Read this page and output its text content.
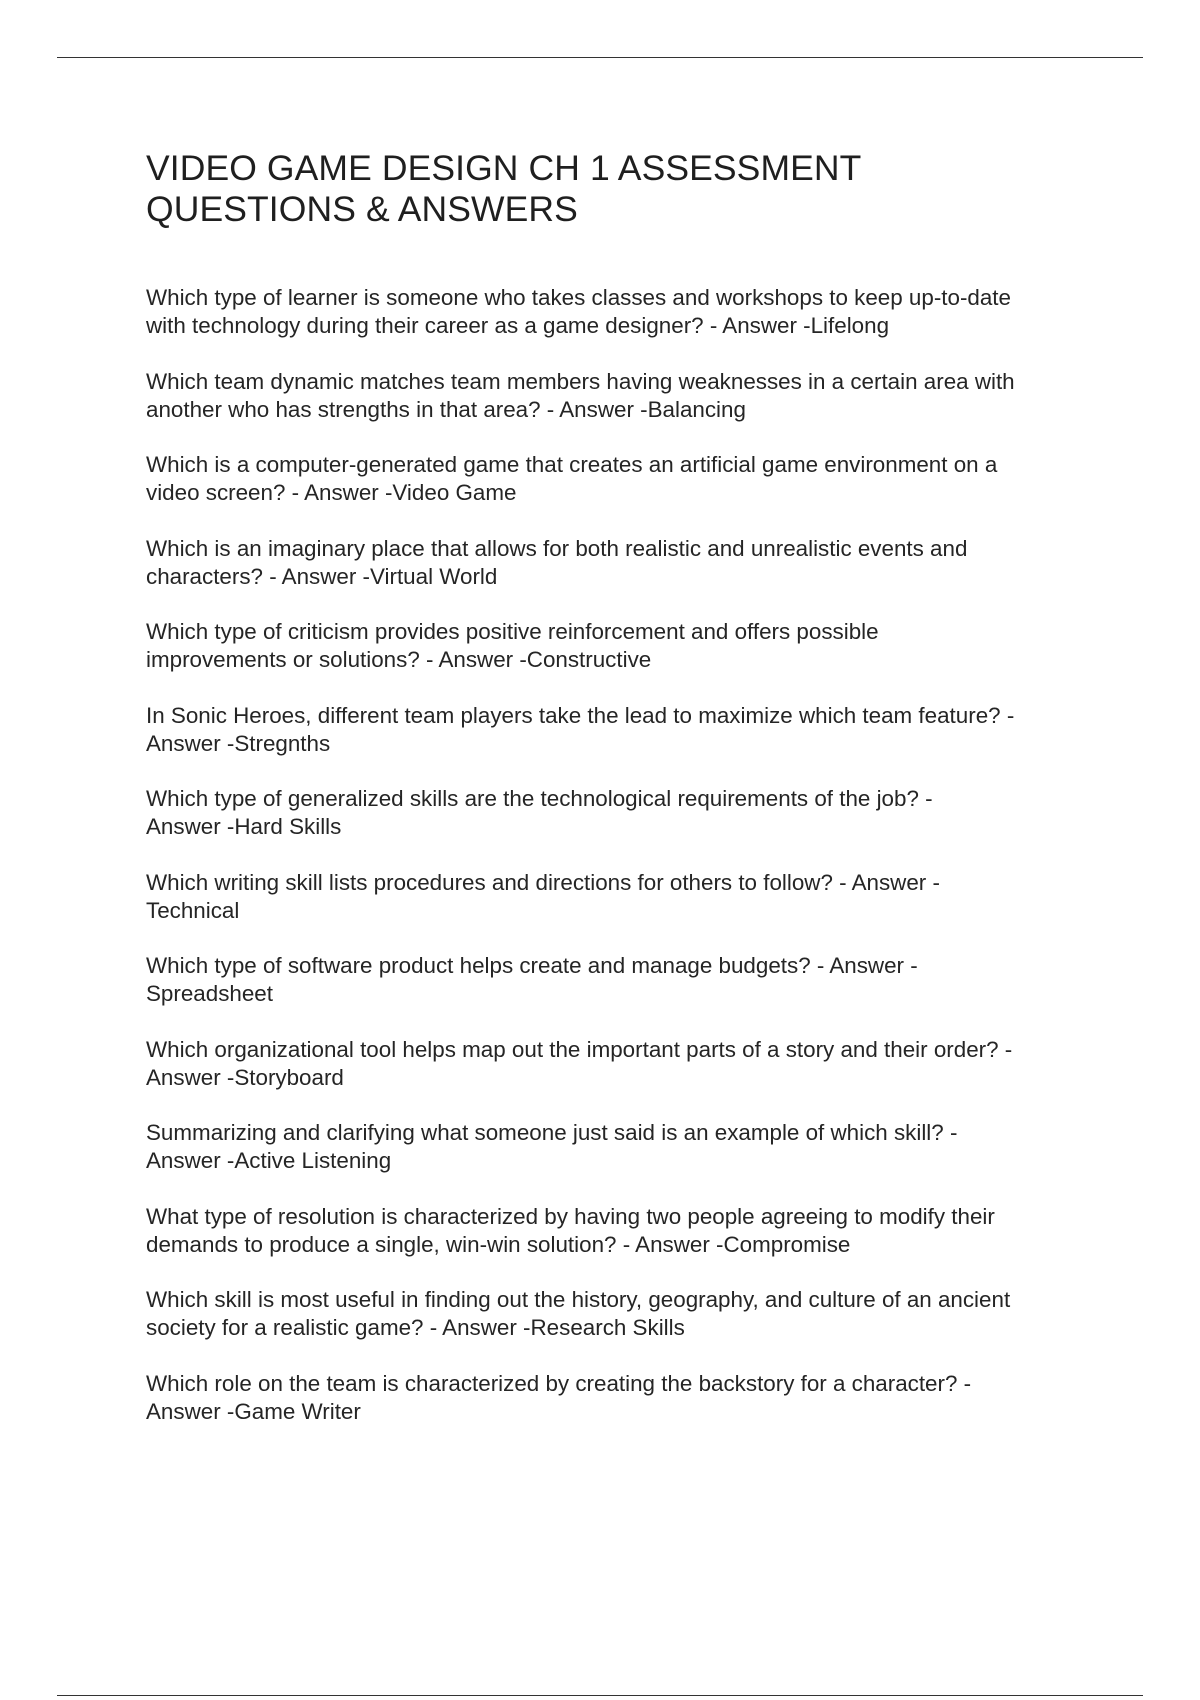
VIDEO GAME DESIGN CH 1 ASSESSMENT
QUESTIONS & ANSWERS

Which type of learner is someone who takes classes and workshops to keep up-to-date
with technology during their career as a game designer? - Answer -Lifelong

Which team dynamic matches team members having weaknesses in a certain area with
another who has strengths in that area? - Answer -Balancing

Which is a computer-generated game that creates an artificial game environment on a
video screen? - Answer -Video Game

Which is an imaginary place that allows for both realistic and unrealistic events and
characters? - Answer -Virtual World

Which type of criticism provides positive reinforcement and offers possible
improvements or solutions? - Answer -Constructive

In Sonic Heroes, different team players take the lead to maximize which team feature? -
Answer -Stregnths

Which type of generalized skills are the technological requirements of the job? -
Answer -Hard Skills

Which writing skill lists procedures and directions for others to follow? - Answer -
Technical

Which type of software product helps create and manage budgets? - Answer -
Spreadsheet

Which organizational tool helps map out the important parts of a story and their order? -
Answer -Storyboard

Summarizing and clarifying what someone just said is an example of which skill? -
Answer -Active Listening

What type of resolution is characterized by having two people agreeing to modify their
demands to produce a single, win-win solution? - Answer -Compromise

Which skill is most useful in finding out the history, geography, and culture of an ancient
society for a realistic game? - Answer -Research Skills

Which role on the team is characterized by creating the backstory for a character? -
Answer -Game Writer
